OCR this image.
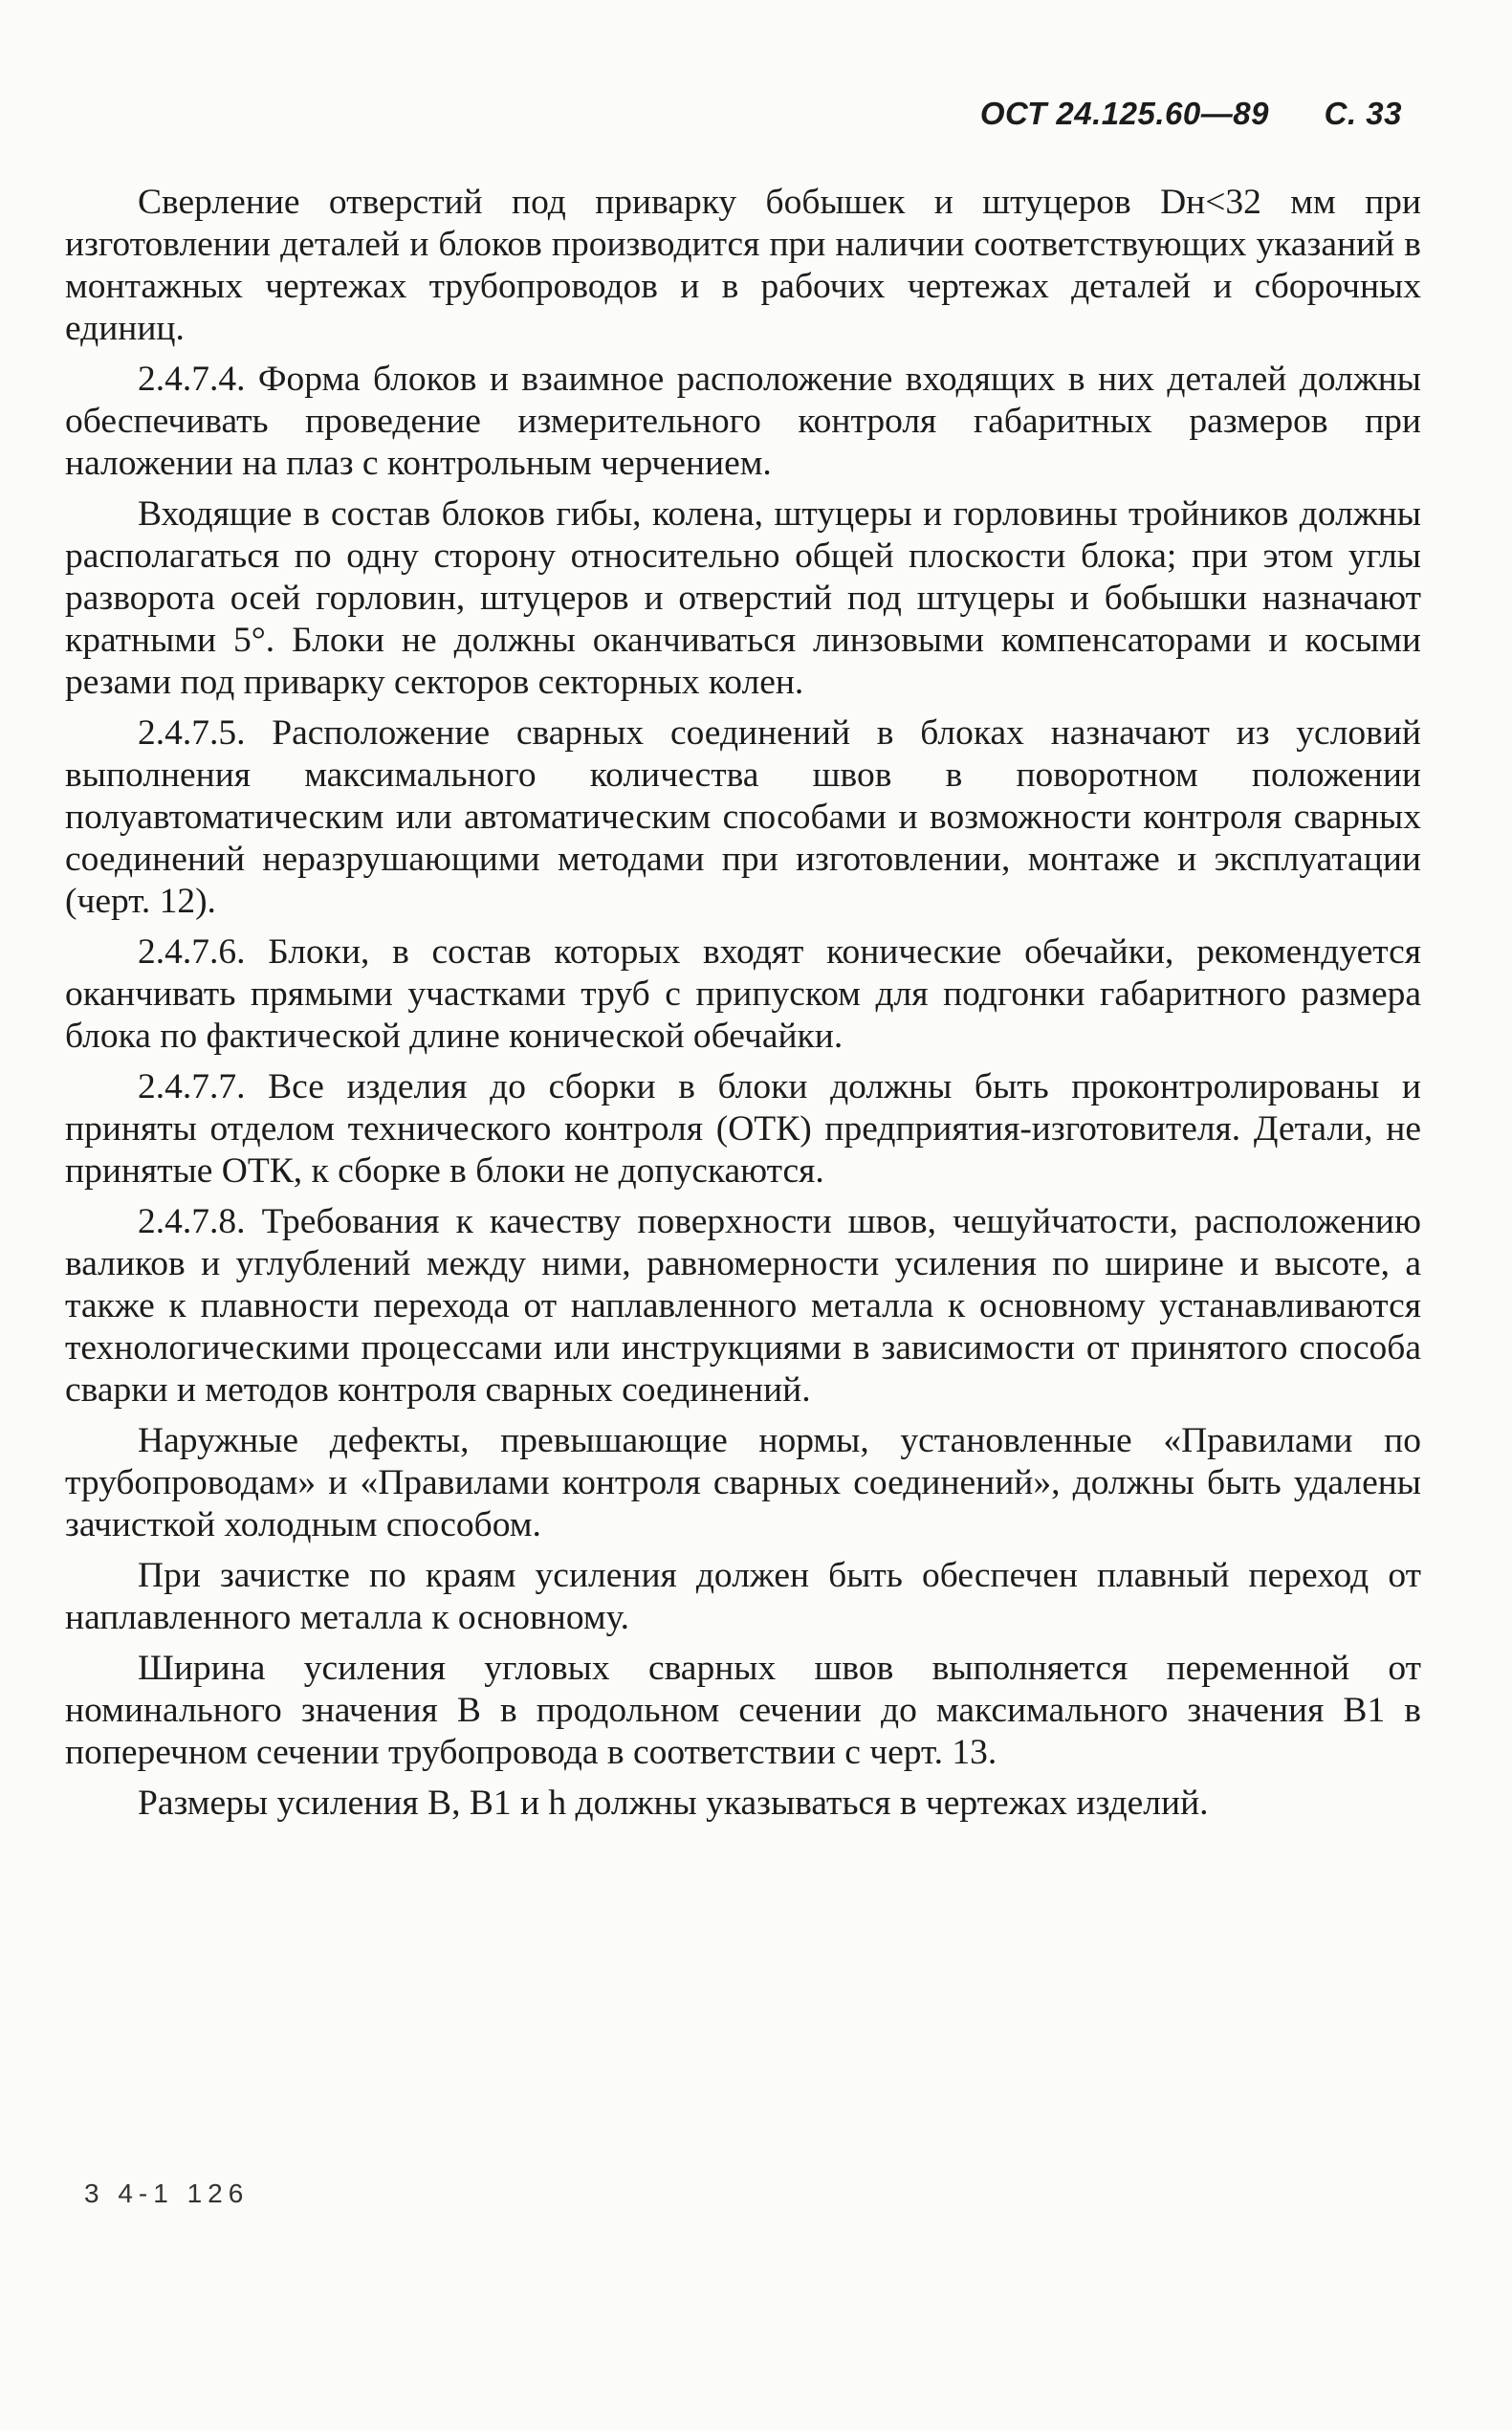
ОСТ 24.125.60—89 С. 33

Сверление отверстий под приварку бобышек и штуцеров Dн<32 мм при изготовлении деталей и блоков производится при наличии соответствующих указаний в монтажных чертежах трубопроводов и в рабочих чертежах деталей и сборочных единиц.

2.4.7.4. Форма блоков и взаимное расположение входящих в них деталей должны обеспечивать проведение измерительного контроля габаритных размеров при наложении на плаз с контрольным черчением.

Входящие в состав блоков гибы, колена, штуцеры и горловины тройников должны располагаться по одну сторону относительно общей плоскости блока; при этом углы разворота осей горловин, штуцеров и отверстий под штуцеры и бобышки назначают кратными 5°. Блоки не должны оканчиваться линзовыми компенсаторами и косыми резами под приварку секторов секторных колен.

2.4.7.5. Расположение сварных соединений в блоках назначают из условий выполнения максимального количества швов в поворотном положении полуавтоматическим или автоматическим способами и возможности контроля сварных соединений неразрушающими методами при изготовлении, монтаже и эксплуатации (черт. 12).

2.4.7.6. Блоки, в состав которых входят конические обечайки, рекомендуется оканчивать прямыми участками труб с припуском для подгонки габаритного размера блока по фактической длине конической обечайки.

2.4.7.7. Все изделия до сборки в блоки должны быть проконтролированы и приняты отделом технического контроля (ОТК) предприятия-изготовителя. Детали, не принятые ОТК, к сборке в блоки не допускаются.

2.4.7.8. Требования к качеству поверхности швов, чешуйчатости, расположению валиков и углублений между ними, равномерности усиления по ширине и высоте, а также к плавности перехода от наплавленного металла к основному устанавливаются технологическими процессами или инструкциями в зависимости от принятого способа сварки и методов контроля сварных соединений.

Наружные дефекты, превышающие нормы, установленные «Правилами по трубопроводам» и «Правилами контроля сварных соединений», должны быть удалены зачисткой холодным способом.

При зачистке по краям усиления должен быть обеспечен плавный переход от наплавленного металла к основному.

Ширина усиления угловых сварных швов выполняется переменной от номинального значения B в продольном сечении до максимального значения B1 в поперечном сечении трубопровода в соответствии с черт. 13.

Размеры усиления B, B1 и h должны указываться в чертежах изделий.

3 4-1 126
